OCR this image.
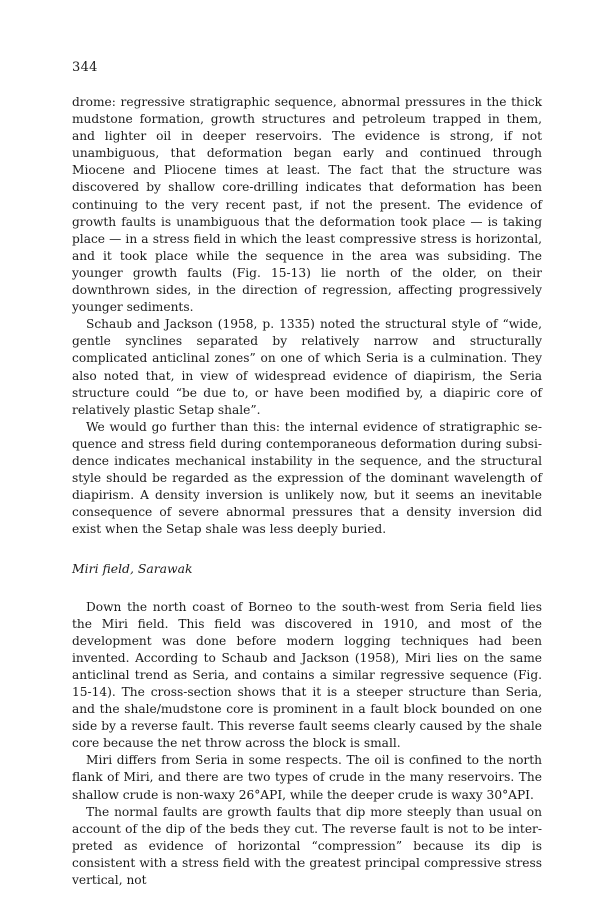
344

drome: regressive stratigraphic sequence, abnormal pressures in the thick mudstone formation, growth structures and petroleum trapped in them, and lighter oil in deeper reservoirs. The evidence is strong, if not unambiguous, that deformation began early and continued through Miocene and Pliocene times at least. The fact that the structure was discovered by shallow core-drilling indicates that deformation has been continuing to the very recent past, if not the present. The evidence of growth faults is unambiguous that the deformation took place — is taking place — in a stress field in which the least compressive stress is horizontal, and it took place while the sequence in the area was subsiding. The younger growth faults (Fig. 15-13) lie north of the older, on their downthrown sides, in the direction of regression, affecting progressively younger sediments.

Schaub and Jackson (1958, p. 1335) noted the structural style of “wide, gentle synclines separated by relatively narrow and structurally complicated anticlinal zones” on one of which Seria is a culmination. They also noted that, in view of widespread evidence of diapirism, the Seria structure could “be due to, or have been modified by, a diapiric core of relatively plastic Setap shale”.

We would go further than this: the internal evidence of stratigraphic sequence and stress field during contemporaneous deformation during subsidence indicates mechanical instability in the sequence, and the structural style should be regarded as the expression of the dominant wavelength of diapirism. A density inversion is unlikely now, but it seems an inevitable consequence of severe abnormal pressures that a density inversion did exist when the Setap shale was less deeply buried.

Miri field, Sarawak

Down the north coast of Borneo to the south-west from Seria field lies the Miri field. This field was discovered in 1910, and most of the development was done before modern logging techniques had been invented. According to Schaub and Jackson (1958), Miri lies on the same anticlinal trend as Seria, and contains a similar regressive sequence (Fig. 15-14). The cross-section shows that it is a steeper structure than Seria, and the shale/mudstone core is prominent in a fault block bounded on one side by a reverse fault. This reverse fault seems clearly caused by the shale core because the net throw across the block is small.

Miri differs from Seria in some respects. The oil is confined to the north flank of Miri, and there are two types of crude in the many reservoirs. The shallow crude is non-waxy 26°API, while the deeper crude is waxy 30°API.

The normal faults are growth faults that dip more steeply than usual on account of the dip of the beds they cut. The reverse fault is not to be interpreted as evidence of horizontal “compression” because its dip is consistent with a stress field with the greatest principal compressive stress vertical, not
